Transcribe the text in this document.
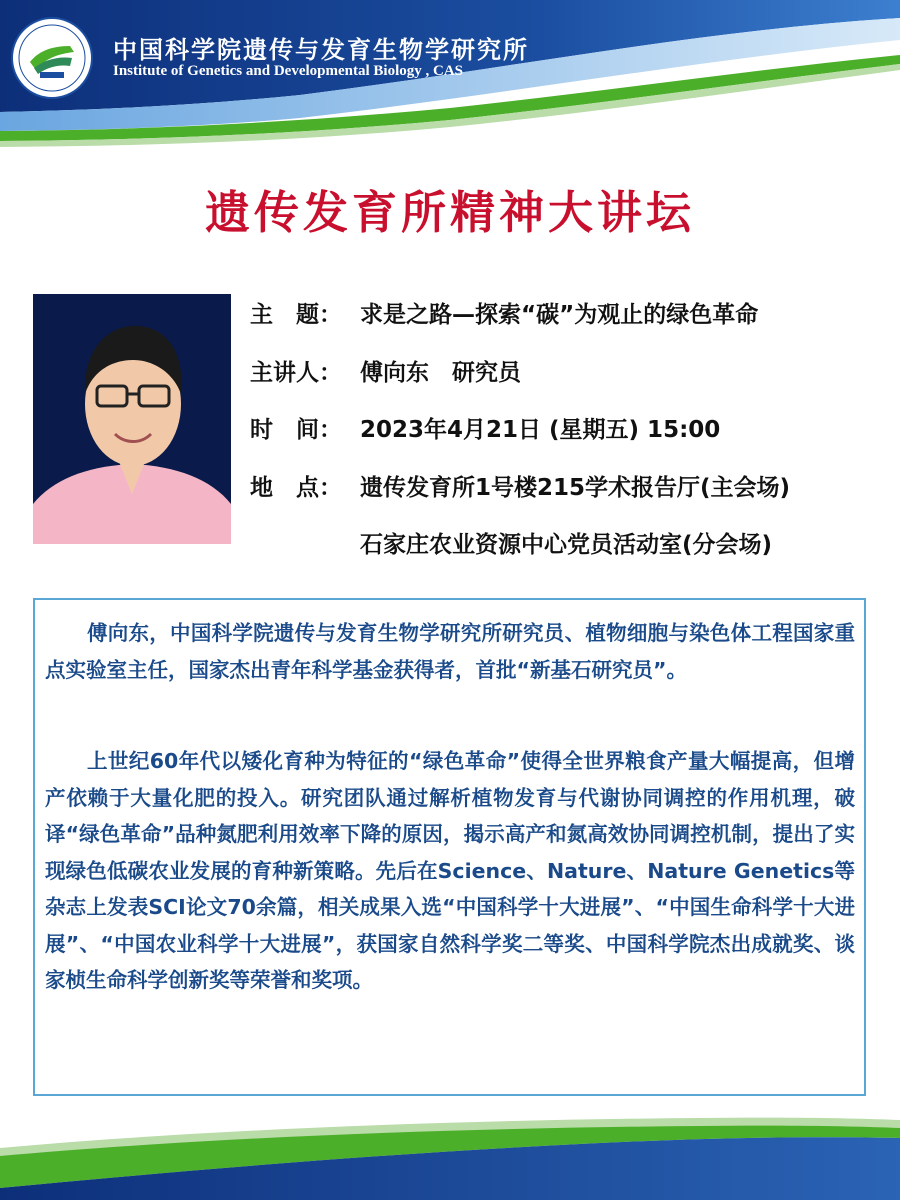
中国科学院遗传与发育生物学研究所
Institute of Genetics and Developmental Biology , CAS
遗传发育所精神大讲坛
主　题： 求是之路—探索“碳”为观止的绿色革命
主讲人： 傅向东　研究员
时　间： 2023年4月21日 (星期五) 15:00
地　点： 遗传发育所1号楼215学术报告厅(主会场)
石家庄农业资源中心党员活动室(分会场)

傅向东，中国科学院遗传与发育生物学研究所研究员、植物细胞与染色体工程国家重点实验室主任，国家杰出青年科学基金获得者，首批“新基石研究员”。

上世纪60年代以矮化育种为特征的“绿色革命”使得全世界粮食产量大幅提高，但增产依赖于大量化肥的投入。研究团队通过解析植物发育与代谢协同调控的作用机理，破译“绿色革命”品种氮肥利用效率下降的原因，揭示高产和氮高效协同调控机制，提出了实现绿色低碳农业发展的育种新策略。先后在Science、Nature、Nature Genetics等杂志上发表SCI论文70余篇，相关成果入选“中国科学十大进展”、“中国生命科学十大进展”、“中国农业科学十大进展”，获国家自然科学奖二等奖、中国科学院杰出成就奖、谈家桢生命科学创新奖等荣誉和奖项。
